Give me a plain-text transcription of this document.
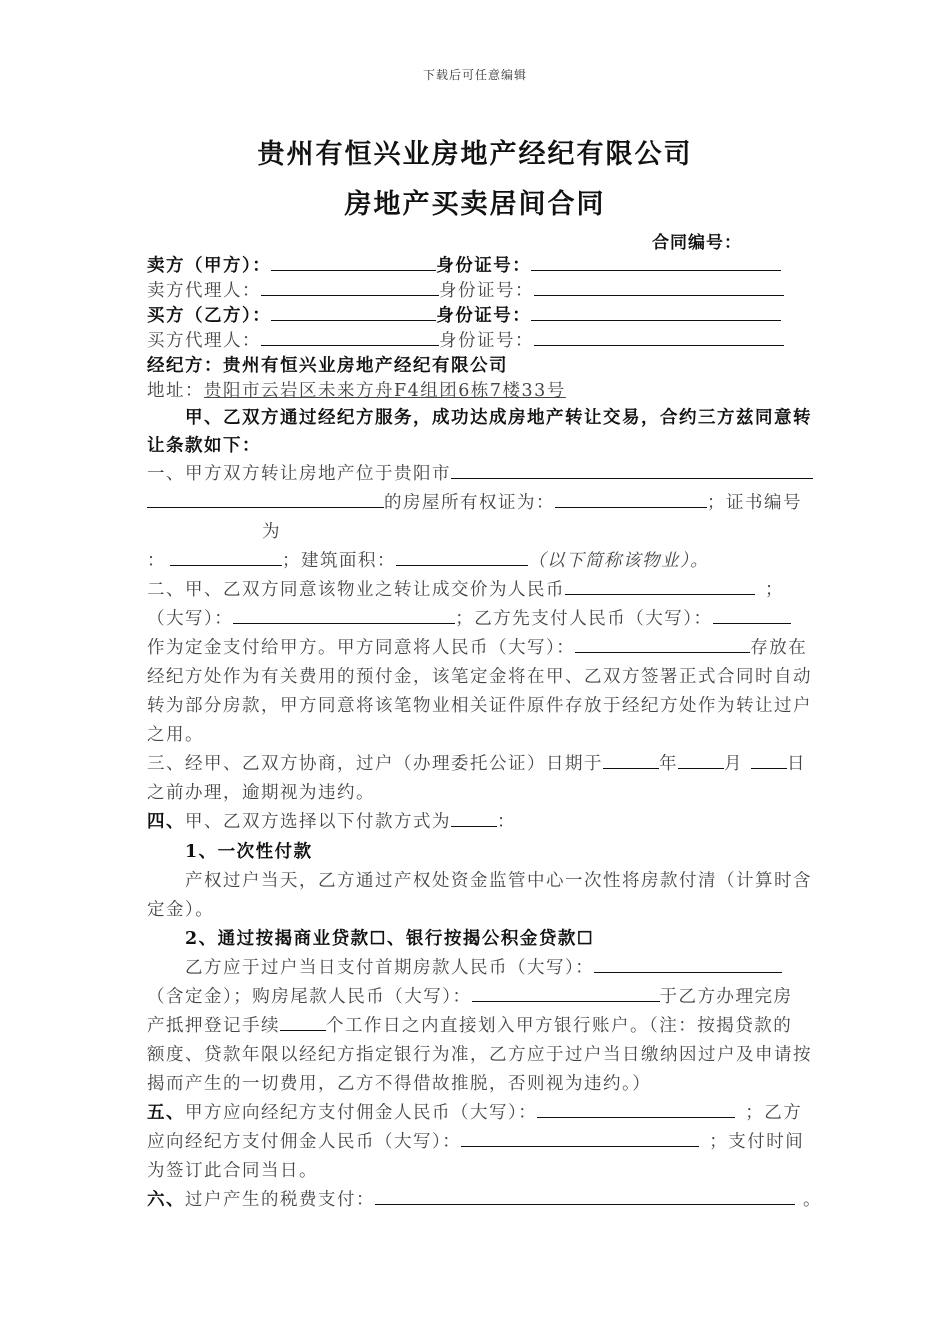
下载后可任意编辑
贵州有恒兴业房地产经纪有限公司
房地产买卖居间合同
合同编号：
卖方（甲方）：	身份证号：
卖方代理人：	身份证号：
买方（乙方）：	身份证号：
买方代理人：	身份证号：
经纪方：贵州有恒兴业房地产经纪有限公司
地址：贵阳市云岩区未来方舟F4组团6栋7楼33号
甲、乙双方通过经纪方服务，成功达成房地产转让交易，合约三方兹同意转
让条款如下：
一、甲方双方转让房地产位于贵阳市
的房屋所有权证为：	；证书编号
为
：	；建筑面积：	（以下简称该物业）。
二、甲、乙双方同意该物业之转让成交价为人民币	；
（大写）：	；乙方先支付人民币（大写）：
作为定金支付给甲方。甲方同意将人民币（大写）：	存放在
经纪方处作为有关费用的预付金，该笔定金将在甲、乙双方签署正式合同时自动
转为部分房款，甲方同意将该笔物业相关证件原件存放于经纪方处作为转让过户
之用。
三、经甲、乙双方协商，过户（办理委托公证）日期于	年	月	日
之前办理，逾期视为违约。
四、甲、乙双方选择以下付款方式为	：
1、一次性付款
产权过户当天，乙方通过产权处资金监管中心一次性将房款付清（计算时含
定金）。
2、通过按揭商业贷款☐、银行按揭公积金贷款☐
乙方应于过户当日支付首期房款人民币（大写）：
（含定金）；购房尾款人民币（大写）：	于乙方办理完房
产抵押登记手续	个工作日之内直接划入甲方银行账户。（注：按揭贷款的
额度、贷款年限以经纪方指定银行为准，乙方应于过户当日缴纳因过户及申请按
揭而产生的一切费用，乙方不得借故推脱，否则视为违约。）
五、甲方应向经纪方支付佣金人民币（大写）：	；乙方
应向经纪方支付佣金人民币（大写）：	；支付时间
为签订此合同当日。
六、过户产生的税费支付：	。
